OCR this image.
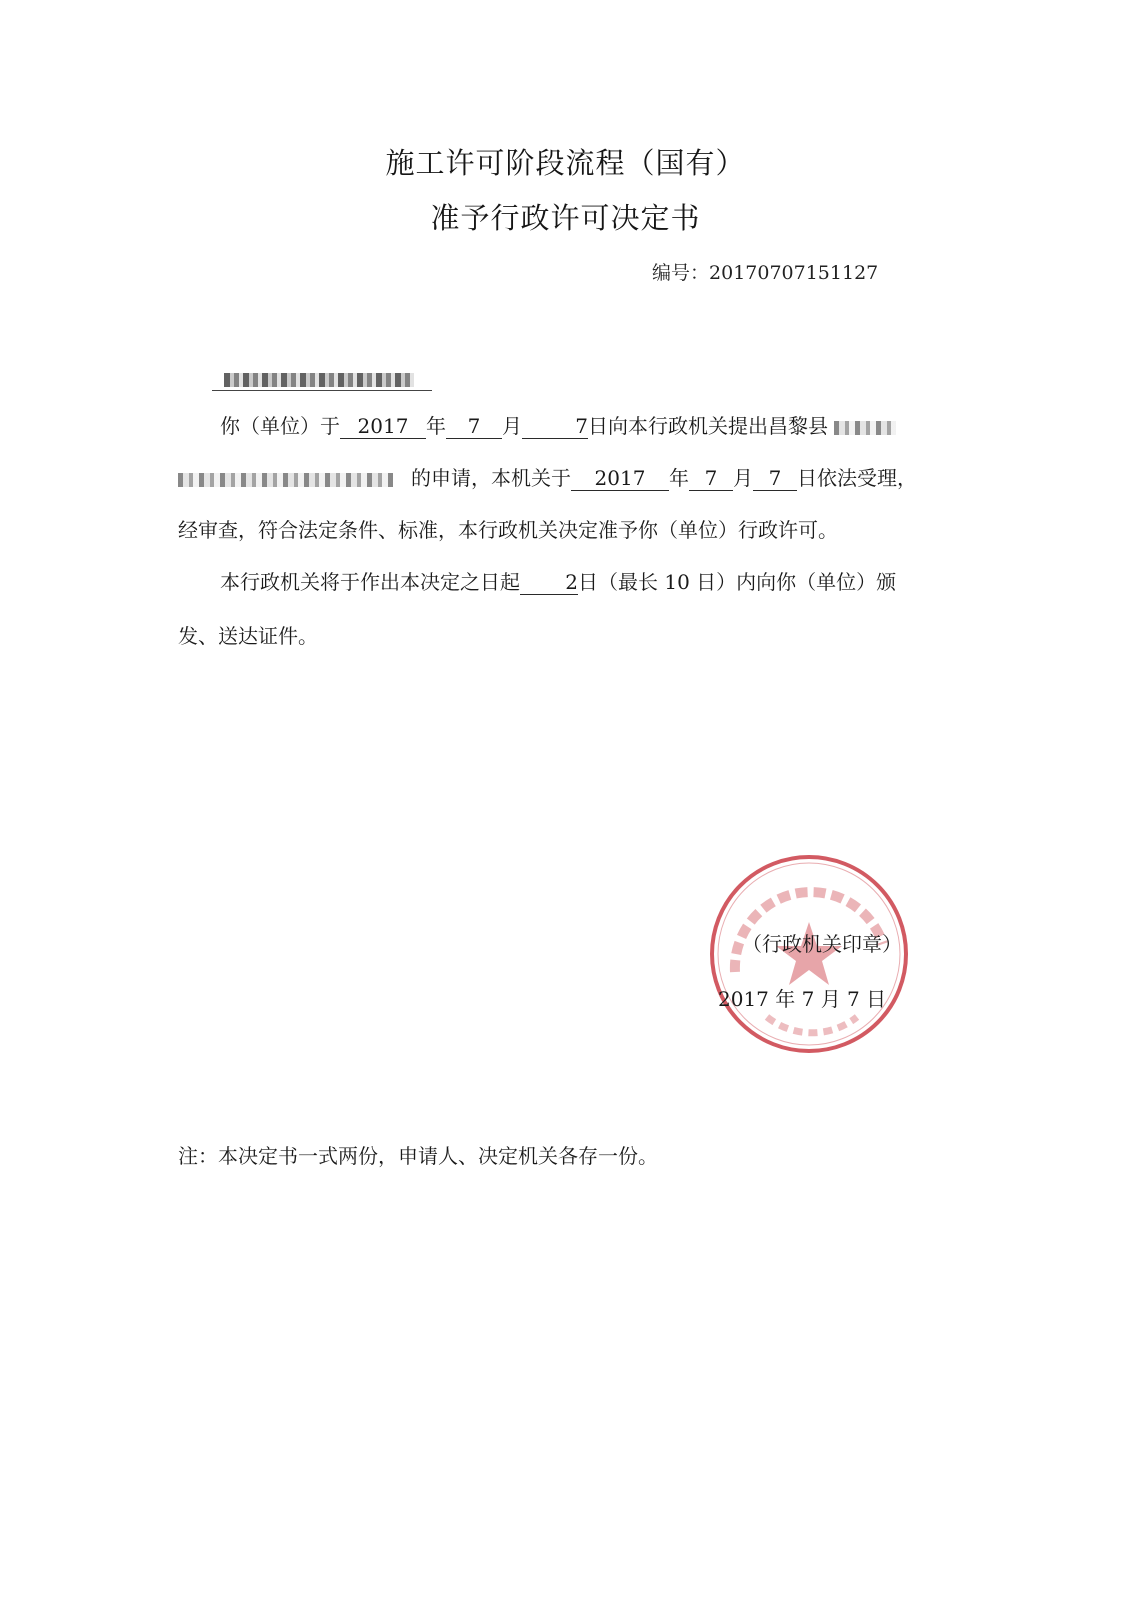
施工许可阶段流程（国有）
准予行政许可决定书
编号：20170707151127
你（单位）于 2017 年 7 月	7日向本行政机关提出昌黎县
的申请，本机关于 2017 年 7 月 7 日依法受理，
经审查，符合法定条件、标准，本行政机关决定准予你（单位）行政许可。
本行政机关将于作出本决定之日起 2日（最长 10 日）内向你（单位）颁
发、送达证件。
（行政机关印章）
2017 年 7 月 7 日
注：本决定书一式两份，申请人、决定机关各存一份。
